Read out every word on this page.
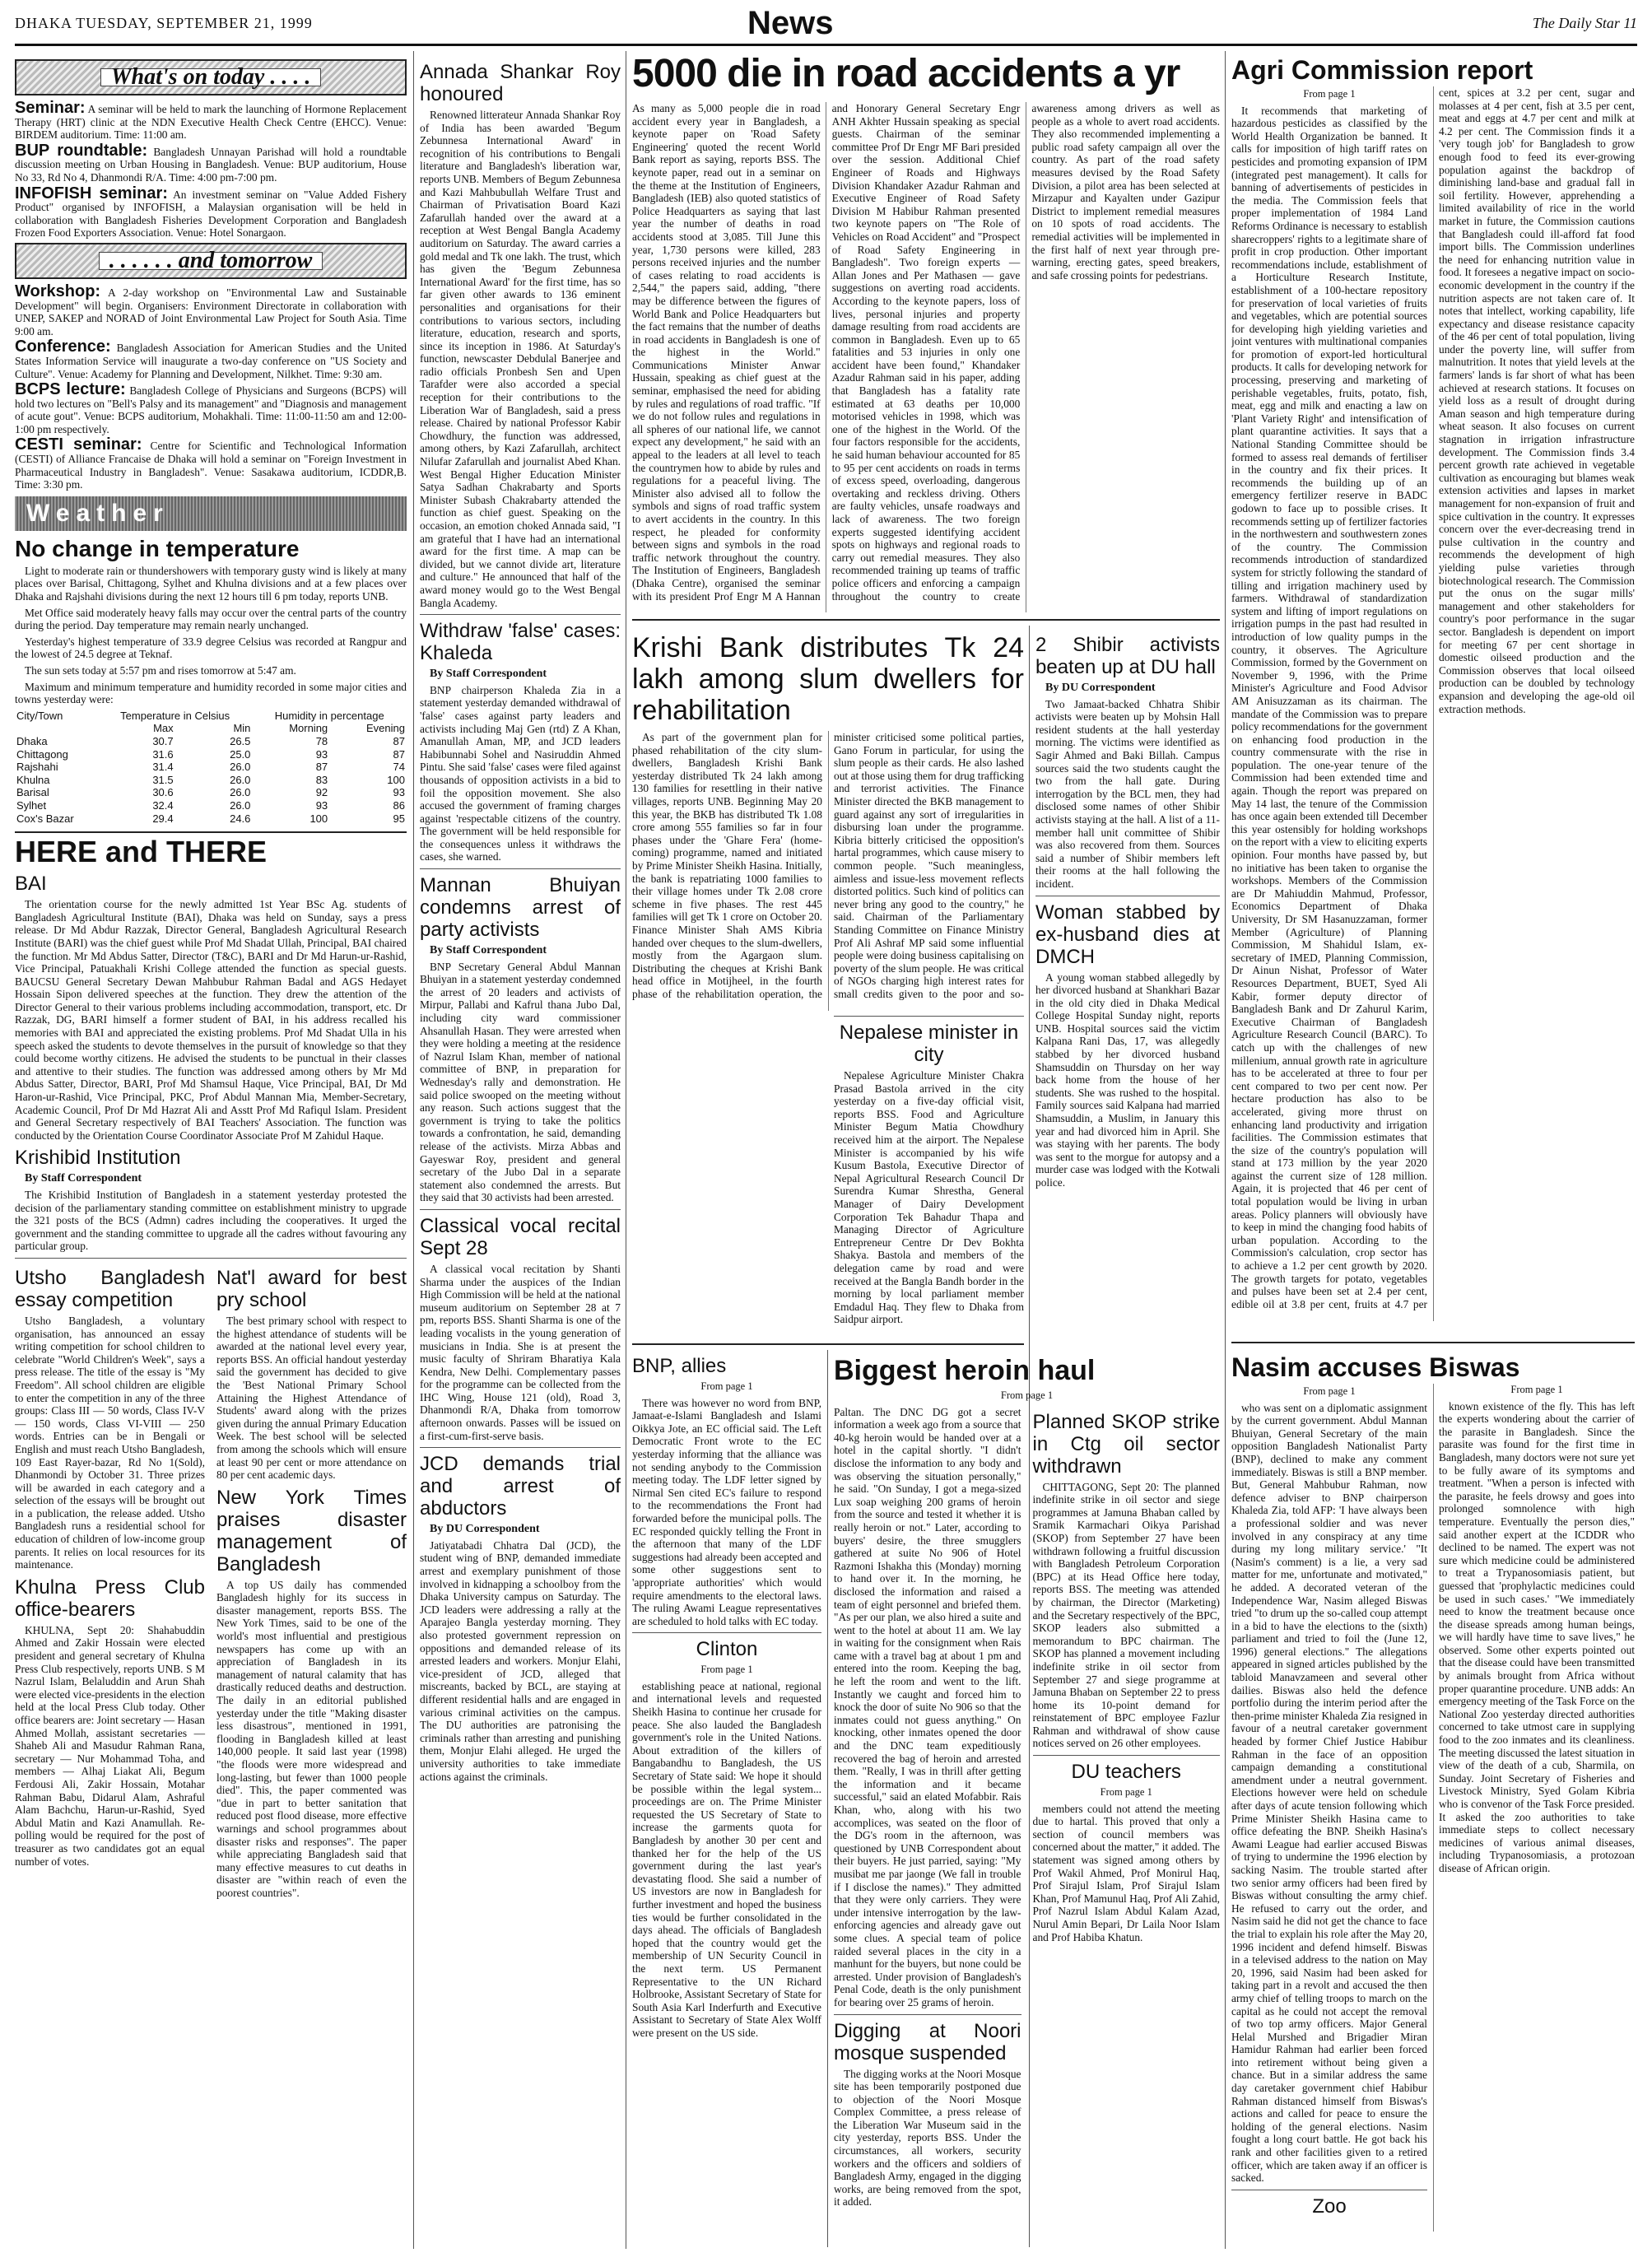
DHAKA TUESDAY, SEPTEMBER 21, 1999	News	The Daily Star 11
What's on today . . . .

Seminar: A seminar will be held to mark the launching of Hormone Replacement Therapy (HRT) clinic at the NDN Executive Health Check Centre (EHCC). Venue: BIRDEM auditorium. Time: 11:00 am.

BUP roundtable: Bangladesh Unnayan Parishad will hold a roundtable discussion meeting on Urban Housing in Bangladesh. Venue: BUP auditorium, House No 33, Rd No 4, Dhanmondi R/A. Time: 4:00 pm-7:00 pm.

INFOFISH seminar: An investment seminar on "Value Added Fishery Product" organised by INFOFISH, a Malaysian organisation will be held in collaboration with Bangladesh Fisheries Development Corporation and Bangladesh Frozen Food Exporters Association. Venue: Hotel Sonargaon.

. . . . . . and tomorrow

Workshop: A 2-day workshop on "Environmental Law and Sustainable Development" will begin. Organisers: Environment Directorate in collaboration with UNEP, SAKEP and NORAD of Joint Environmental Law Project for South Asia. Time 9:00 am.

Conference: Bangladesh Association for American Studies and the United States Information Service will inaugurate a two-day conference on "US Society and Culture". Venue: Academy for Planning and Development, Nilkhet. Time: 9:30 am.

BCPS lecture: Bangladesh College of Physicians and Surgeons (BCPS) will hold two lectures on "Bell's Palsy and its management" and "Diagnosis and management of acute gout". Venue: BCPS auditorium, Mohakhali. Time: 11:00-11:50 am and 12:00-1:00 pm respectively.

CESTI seminar: Centre for Scientific and Technological Information (CESTI) of Alliance Francaise de Dhaka will hold a seminar on "Foreign Investment in Pharmaceutical Industry in Bangladesh". Venue: Sasakawa auditorium, ICDDR,B. Time: 3:30 pm.

Weather
No change in temperature

Light to moderate rain or thundershowers with temporary gusty wind is likely at many places over Barisal, Chittagong, Sylhet and Khulna divisions and at a few places over Dhaka and Rajshahi divisions during the next 12 hours till 6 pm today, reports UNB.

Met Office said moderately heavy falls may occur over the central parts of the country during the period. Day temperature may remain nearly unchanged.

Yesterday's highest temperature of 33.9 degree Celsius was recorded at Rangpur and the lowest of 24.5 degree at Teknaf.

The sun sets today at 5:57 pm and rises tomorrow at 5:47 am.

Maximum and minimum temperature and humidity recorded in some major cities and towns yesterday were:

City/Town	Temperature in Celsius		Humidity in percentage	
	Max	Min	Morning	Evening
Dhaka	30.7	26.5	78	87
Chittagong	31.6	25.0	93	87
Rajshahi	31.4	26.0	87	74
Khulna	31.5	26.0	83	100
Barisal	30.6	26.0	92	93
Sylhet	32.4	26.0	93	86
Cox's Bazar	29.4	24.6	100	95
HERE and THERE
BAI

The orientation course for the newly admitted 1st Year BSc Ag. students of Bangladesh Agricultural Institute (BAI), Dhaka was held on Sunday, says a press release. Dr Md Abdur Razzak, Director General, Bangladesh Agricultural Research Institute (BARI) was the chief guest while Prof Md Shadat Ullah, Principal, BAI chaired the function. Mr Md Abdus Satter, Director (T&C), BARI and Dr Md Harun-ur-Rashid, Vice Principal, Patuakhali Krishi College attended the function as special guests. BAUCSU General Secretary Dewan Mahbubur Rahman Badal and AGS Hedayet Hossain Sipon delivered speeches at the function. They drew the attention of the Director General to their various problems including accommodation, transport, etc. Dr Razzak, DG, BARI himself a former student of BAI, in his address recalled his memories with BAI and appreciated the existing problems. Prof Md Shadat Ulla in his speech asked the students to devote themselves in the pursuit of knowledge so that they could become worthy citizens. He advised the students to be punctual in their classes and attentive to their studies. The function was addressed among others by Mr Md Abdus Satter, Director, BARI, Prof Md Shamsul Haque, Vice Principal, BAI, Dr Md Haron-ur-Rashid, Vice Principal, PKC, Prof Abdul Mannan Mia, Member-Secretary, Academic Council, Prof Dr Md Hazrat Ali and Asstt Prof Md Rafiqul Islam. President and General Secretary respectively of BAI Teachers' Association. The function was conducted by the Orientation Course Coordinator Associate Prof M Zahidul Haque.

Krishibid Institution
By Staff Correspondent

The Krishibid Institution of Bangladesh in a statement yesterday protested the decision of the parliamentary standing committee on establishment ministry to upgrade the 321 posts of the BCS (Admn) cadres including the cooperatives. It urged the government and the standing committee to upgrade all the cadres without favouring any particular group.

Utsho Bangladesh essay competition

Utsho Bangladesh, a voluntary organisation, has announced an essay writing competition for school children to celebrate "World Children's Week", says a press release. The title of the essay is "My Freedom". All school children are eligible to enter the competition in any of the three groups: Class III — 50 words, Class IV-V — 150 words, Class VI-VIII — 250 words. Entries can be in Bengali or English and must reach Utsho Bangladesh, 109 East Rayer-bazar, Rd No 1(Sold), Dhanmondi by October 31. Three prizes will be awarded in each category and a selection of the essays will be brought out in a publication, the release added. Utsho Bangladesh runs a residential school for education of children of low-income group parents. It relies on local resources for its maintenance.

Khulna Press Club office-bearers

KHULNA, Sept 20: Shahabuddin Ahmed and Zakir Hossain were elected president and general secretary of Khulna Press Club respectively, reports UNB. S M Nazrul Islam, Belaluddin and Arun Shah were elected vice-presidents in the election held at the local Press Club today. Other office bearers are: Joint secretary — Hasan Ahmed Mollah, assistant secretaries — Shaheb Ali and Masudur Rahman Rana, secretary — Nur Mohammad Toha, and members — Alhaj Liakat Ali, Begum Ferdousi Ali, Zakir Hossain, Motahar Rahman Babu, Didarul Alam, Ashraful Alam Bachchu, Harun-ur-Rashid, Syed Abdul Matin and Kazi Anamullah. Re-polling would be required for the post of treasurer as two candidates got an equal number of votes.

Nat'l award for best pry school

The best primary school with respect to the highest attendance of students will be awarded at the national level every year, reports BSS. An official handout yesterday said the government has decided to give the 'Best National Primary School Attaining the Highest Attendance of Students' award along with the prizes given during the annual Primary Education Week. The best school will be selected from among the schools which will ensure at least 90 per cent or more attendance on 80 per cent academic days.

New York Times praises disaster management of Bangladesh

A top US daily has commended Bangladesh highly for its success in disaster management, reports BSS. The New York Times, said to be one of the world's most influential and prestigious newspapers has come up with an appreciation of Bangladesh in its management of natural calamity that has drastically reduced deaths and destruction. The daily in an editorial published yesterday under the title "Making disaster less disastrous", mentioned in 1991, flooding in Bangladesh killed at least 140,000 people. It said last year (1998) "the floods were more widespread and long-lasting, but fewer than 1000 people died". This, the paper commented was "due in part to better sanitation that reduced post flood disease, more effective warnings and school programmes about disaster risks and responses". The paper while appreciating Bangladesh said that many effective measures to cut deaths in disaster are "within reach of even the poorest countries".

Annada Shankar Roy honoured

Renowned litterateur Annada Shankar Roy of India has been awarded 'Begum Zebunnesa International Award' in recognition of his contributions to Bengali literature and Bangladesh's liberation war, reports UNB. Members of Begum Zebunnesa and Kazi Mahbubullah Welfare Trust and Chairman of Privatisation Board Kazi Zafarullah handed over the award at a reception at West Bengal Bangla Academy auditorium on Saturday. The award carries a gold medal and Tk one lakh. The trust, which has given the 'Begum Zebunnesa International Award' for the first time, has so far given other awards to 136 eminent personalities and organisations for their contributions to various sectors, including literature, education, research and sports, since its inception in 1986. At Saturday's function, newscaster Debdulal Banerjee and radio officials Pronbesh Sen and Upen Tarafder were also accorded a special reception for their contributions to the Liberation War of Bangladesh, said a press release. Chaired by national Professor Kabir Chowdhury, the function was addressed, among others, by Kazi Zafarullah, architect Nilufar Zafarullah and journalist Abed Khan. West Bengal Higher Education Minister Satya Sadhan Chakrabarty and Sports Minister Subash Chakrabarty attended the function as chief guest. Speaking on the occasion, an emotion choked Annada said, "I am grateful that I have had an international award for the first time. A map can be divided, but we cannot divide art, literature and culture." He announced that half of the award money would go to the West Bengal Bangla Academy.

Withdraw 'false' cases: Khaleda
By Staff Correspondent

BNP chairperson Khaleda Zia in a statement yesterday demanded withdrawal of 'false' cases against party leaders and activists including Maj Gen (rtd) Z A Khan, Amanullah Aman, MP, and JCD leaders Habibunnabi Sohel and Nasiruddin Ahmed Pintu. She said 'false' cases were filed against thousands of opposition activists in a bid to foil the opposition movement. She also accused the government of framing charges against 'respectable citizens of the country. The government will be held responsible for the consequences unless it withdraws the cases, she warned.

Mannan Bhuiyan condemns arrest of party activists
By Staff Correspondent

BNP Secretary General Abdul Mannan Bhuiyan in a statement yesterday condemned the arrest of 20 leaders and activists of Mirpur, Pallabi and Kafrul thana Jubo Dal, including city ward commissioner Ahsanullah Hasan. They were arrested when they were holding a meeting at the residence of Nazrul Islam Khan, member of national committee of BNP, in preparation for Wednesday's rally and demonstration. He said police swooped on the meeting without any reason. Such actions suggest that the government is trying to take the politics towards a confrontation, he said, demanding release of the activists. Mirza Abbas and Gayeswar Roy, president and general secretary of the Jubo Dal in a separate statement also condemned the arrests. But they said that 30 activists had been arrested.

Classical vocal recital Sept 28

A classical vocal recitation by Shanti Sharma under the auspices of the Indian High Commission will be held at the national museum auditorium on September 28 at 7 pm, reports BSS. Shanti Sharma is one of the leading vocalists in the young generation of musicians in India. She is at present the music faculty of Shriram Bharatiya Kala Kendra, New Delhi. Complementary passes for the programme can be collected from the IHC Wing, House 121 (old), Road 3, Dhanmondi R/A, Dhaka from tomorrow afternoon onwards. Passes will be issued on a first-cum-first-serve basis.

JCD demands trial and arrest of abductors
By DU Correspondent

Jatiyatabadi Chhatra Dal (JCD), the student wing of BNP, demanded immediate arrest and exemplary punishment of those involved in kidnapping a schoolboy from the Dhaka University campus on Saturday. The JCD leaders were addressing a rally at the Aparajeo Bangla yesterday morning. They also protested government repression on oppositions and demanded release of its arrested leaders and workers. Monjur Elahi, vice-president of JCD, alleged that miscreants, backed by BCL, are staying at different residential halls and are engaged in various criminal activities on the campus. The DU authorities are patronising the criminals rather than arresting and punishing them, Monjur Elahi alleged. He urged the university authorities to take immediate actions against the criminals.

5000 die in road accidents a yr

As many as 5,000 people die in road accident every year in Bangladesh, a keynote paper on 'Road Safety Engineering' quoted the recent World Bank report as saying, reports BSS. The keynote paper, read out in a seminar on the theme at the Institution of Engineers, Bangladesh (IEB) also quoted statistics of Police Headquarters as saying that last year the number of deaths in road accidents stood at 3,085. Till June this year, 1,730 persons were killed, 283 persons received injuries and the number of cases relating to road accidents is 2,544," the papers said, adding, "there may be difference between the figures of World Bank and Police Headquarters but the fact remains that the number of deaths in road accidents in Bangladesh is one of the highest in the World." Communications Minister Anwar Hussain, speaking as chief guest at the seminar, emphasised the need for abiding by rules and regulations of road traffic. "If we do not follow rules and regulations in all spheres of our national life, we cannot expect any development," he said with an appeal to the leaders at all level to teach the countrymen how to abide by rules and regulations for a peaceful living. The Minister also advised all to follow the symbols and signs of road traffic system to avert accidents in the country. In this respect, he pleaded for conformity between signs and symbols in the road traffic network throughout the country. The Institution of Engineers, Bangladesh (Dhaka Centre), organised the seminar with its president Prof Engr M A Hannan and Honorary General Secretary Engr ANH Akhter Hussain speaking as special guests. Chairman of the seminar committee Prof Dr Engr MF Bari presided over the session. Additional Chief Engineer of Roads and Highways Division Khandaker Azadur Rahman and Executive Engineer of Road Safety Division M Habibur Rahman presented two keynote papers on "The Role of Vehicles on Road Accident" and "Prospect of Road Safety Engineering in Bangladesh". Two foreign experts — Allan Jones and Per Mathasen — gave suggestions on averting road accidents. According to the keynote papers, loss of lives, personal injuries and property damage resulting from road accidents are common in Bangladesh. Even up to 65 fatalities and 53 injuries in only one accident have been found," Khandaker Azadur Rahman said in his paper, adding that Bangladesh has a fatality rate estimated at 63 deaths per 10,000 motorised vehicles in 1998, which was one of the highest in the World. Of the four factors responsible for the accidents, he said human behaviour accounted for 85 to 95 per cent accidents on roads in terms of excess speed, overloading, dangerous overtaking and reckless driving. Others are faulty vehicles, unsafe roadways and lack of awareness. The two foreign experts suggested identifying accident spots on highways and regional roads to carry out remedial measures. They also recommended training up teams of traffic police officers and enforcing a campaign throughout the country to create awareness among drivers as well as people as a whole to avert road accidents. They also recommended implementing a public road safety campaign all over the country. As part of the road safety measures devised by the Road Safety Division, a pilot area has been selected at Mirzapur and Kayalten under Gazipur District to implement remedial measures on 10 spots of road accidents. The remedial activities will be implemented in the first half of next year through pre-warning, erecting gates, speed breakers, and safe crossing points for pedestrians.

Krishi Bank distributes Tk 24 lakh among slum dwellers for rehabilitation

As part of the government plan for phased rehabilitation of the city slum-dwellers, Bangladesh Krishi Bank yesterday distributed Tk 24 lakh among 130 families for resettling in their native villages, reports UNB. Beginning May 20 this year, the BKB has distributed Tk 1.08 crore among 555 families so far in four phases under the 'Ghare Fera' (home-coming) programme, named and initiated by Prime Minister Sheikh Hasina. Initially, the bank is repatriating 1000 families to their village homes under Tk 2.08 crore scheme in five phases. The rest 445 families will get Tk 1 crore on October 20. Finance Minister Shah AMS Kibria handed over cheques to the slum-dwellers, mostly from the Agargaon slum. Distributing the cheques at Krishi Bank head office in Motijheel, in the fourth phase of the rehabilitation operation, the minister criticised some political parties, Gano Forum in particular, for using the slum people as their cards. He also lashed out at those using them for drug trafficking and terrorist activities. The Finance Minister directed the BKB management to guard against any sort of irregularities in disbursing loan under the programme. Kibria bitterly criticised the opposition's hartal programmes, which cause misery to common people. "Such meaningless, aimless and issue-less movement reflects distorted politics. Such kind of politics can never bring any good to the country," he said. Chairman of the Parliamentary Standing Committee on Finance Ministry Prof Ali Ashraf MP said some influential people were doing business capitalising on poverty of the slum people. He was critical of NGOs charging high interest rates for small credits given to the poor and so-

Nepalese minister in city

Nepalese Agriculture Minister Chakra Prasad Bastola arrived in the city yesterday on a five-day official visit, reports BSS. Food and Agriculture Minister Begum Matia Chowdhury received him at the airport. The Nepalese Minister is accompanied by his wife Kusum Bastola, Executive Director of Nepal Agricultural Research Council Dr Surendra Kumar Shrestha, General Manager of Dairy Development Corporation Tek Bahadur Thapa and Managing Director of Agriculture Entrepreneur Centre Dr Dev Bokhta Shakya. Bastola and members of the delegation came by road and were received at the Bangla Bandh border in the morning by local parliament member Emdadul Haq. They flew to Dhaka from Saidpur airport.

2 Shibir activists beaten up at DU hall
By DU Correspondent

Two Jamaat-backed Chhatra Shibir activists were beaten up by Mohsin Hall resident students at the hall yesterday morning. The victims were identified as Sagir Ahmed and Baki Billah. Campus sources said the two students caught the two from the hall gate. During interrogation by the BCL men, they had disclosed some names of other Shibir activists staying at the hall. A list of a 11-member hall unit committee of Shibir was also recovered from them. Sources said a number of Shibir members left their rooms at the hall following the incident.

Woman stabbed by ex-husband dies at DMCH

A young woman stabbed allegedly by her divorced husband at Shankhari Bazar in the old city died in Dhaka Medical College Hospital Sunday night, reports UNB. Hospital sources said the victim Kalpana Rani Das, 17, was allegedly stabbed by her divorced husband Shamsuddin on Thursday on her way back home from the house of her students. She was rushed to the hospital. Family sources said Kalpana had married Shamsuddin, a Muslim, in January this year and had divorced him in April. She was staying with her parents. The body was sent to the morgue for autopsy and a murder case was lodged with the Kotwali police.

BNP, allies
From page 1

There was however no word from BNP, Jamaat-e-Islami Bangladesh and Islami Oikkya Jote, an EC official said. The Left Democratic Front wrote to the EC yesterday informing that the alliance was not sending anybody to the Commission meeting today. The LDF letter signed by Nirmal Sen cited EC's failure to respond to the recommendations the Front had forwarded before the municipal polls. The EC responded quickly telling the Front in the afternoon that many of the LDF suggestions had already been accepted and some other suggestions sent to 'appropriate authorities' which would require amendments to the electoral laws. The ruling Awami League representatives are scheduled to hold talks with EC today.

Clinton
From page 1

establishing peace at national, regional and international levels and requested Sheikh Hasina to continue her crusade for peace. She also lauded the Bangladesh government's role in the United Nations. About extradition of the killers of Bangabandhu to Bangladesh, the US Secretary of State said: We hope it should be possible within the legal system... proceedings are on. The Prime Minister requested the US Secretary of State to increase the garments quota for Bangladesh by another 30 per cent and thanked her for the help of the US government during the last year's devastating flood. She said a number of US investors are now in Bangladesh for further investment and hoped the business ties would be further consolidated in the days ahead. The officials of Bangladesh hoped that the country would get the membership of UN Security Council in the next term. US Permanent Representative to the UN Richard Holbrooke, Assistant Secretary of State for South Asia Karl Inderfurth and Executive Assistant to Secretary of State Alex Wolff were present on the US side.

Biggest heroin haul
From page 1

Paltan. The DNC DG got a secret information a week ago from a source that 40-kg heroin would be handed over at a hotel in the capital shortly. "I didn't disclose the information to any body and was observing the situation personally," he said. "On Sunday, I got a mega-sized Lux soap weighing 200 grams of heroin from the source and tested it whether it is really heroin or not." Later, according to buyers' desire, the three smugglers gathered at suite No 906 of Hotel Razmoni Ishakha this (Monday) morning to hand over it. In the morning, he disclosed the information and raised a team of eight personnel and briefed them. "As per our plan, we also hired a suite and went to the hotel at about 11 am. We lay in waiting for the consignment when Rais came with a travel bag at about 1 pm and entered into the room. Keeping the bag, he left the room and went to the lift. Instantly we caught and forced him to knock the door of suite No 906 so that the inmates could not guess anything." On knocking, other inmates opened the door and the DNC team expeditiously recovered the bag of heroin and arrested them. "Really, I was in thrill after getting the information and it became successful," said an elated Mofabbir. Rais Khan, who, along with his two accomplices, was seated on the floor of the DG's room in the afternoon, was questioned by UNB Correspondent about their buyers. He just parried, saying: "My musibat me par jaonge (We fall in trouble if I disclose the names)." They admitted that they were only carriers. They were under intensive interrogation by the law-enforcing agencies and already gave out some clues. A special team of police raided several places in the city in a manhunt for the buyers, but none could be arrested. Under provision of Bangladesh's Penal Code, death is the only punishment for bearing over 25 grams of heroin.

Digging at Noori mosque suspended

The digging works at the Noori Mosque site has been temporarily postponed due to objection of the Noori Mosque Complex Committee, a press release of the Liberation War Museum said in the city yesterday, reports BSS. Under the circumstances, all workers, security workers and the officers and soldiers of Bangladesh Army, engaged in the digging works, are being removed from the spot, it added.

Planned SKOP strike in Ctg oil sector withdrawn

CHITTAGONG, Sept 20: The planned indefinite strike in oil sector and siege programmes at Jamuna Bhaban called by Sramik Karmachari Oikya Parishad (SKOP) from September 27 have been withdrawn following a fruitful discussion with Bangladesh Petroleum Corporation (BPC) at its Head Office here today, reports BSS. The meeting was attended by chairman, the Director (Marketing) and the Secretary respectively of the BPC, SKOP leaders also submitted a memorandum to BPC chairman. The SKOP has planned a movement including indefinite strike in oil sector from September 27 and siege programme at Jamuna Bhaban on September 22 to press home its 10-point demand for reinstatement of BPC employee Fazlur Rahman and withdrawal of show cause notices served on 26 other employees.

DU teachers
From page 1

members could not attend the meeting due to hartal. This proved that only a section of council members was concerned about the matter," it added. The statement was signed among others by Prof Wakil Ahmed, Prof Monirul Haq, Prof Sirajul Islam, Prof Sirajul Islam Khan, Prof Mamunul Haq, Prof Ali Zahid, Prof Nazrul Islam Abdul Kalam Azad, Nurul Amin Bepari, Dr Laila Noor Islam and Prof Habiba Khatun.

Agri Commission report
From page 1

It recommends that marketing of hazardous pesticides as classified by the World Health Organization be banned. It calls for imposition of high tariff rates on pesticides and promoting expansion of IPM (integrated pest management). It calls for banning of advertisements of pesticides in the media. The Commission feels that proper implementation of 1984 Land Reforms Ordinance is necessary to establish sharecroppers' rights to a legitimate share of profit in crop production. Other important recommendations include, establishment of a Horticulture Research Institute, establishment of a 100-hectare repository for preservation of local varieties of fruits and vegetables, which are potential sources for developing high yielding varieties and joint ventures with multinational companies for promotion of export-led horticultural products. It calls for developing network for processing, preserving and marketing of perishable vegetables, fruits, potato, fish, meat, egg and milk and enacting a law on 'Plant Variety Right' and intensification of plant quarantine activities. It says that a National Standing Committee should be formed to assess real demands of fertiliser in the country and fix their prices. It recommends the building up of an emergency fertilizer reserve in BADC godown to face up to possible crises. It recommends setting up of fertilizer factories in the northwestern and southwestern zones of the country. The Commission recommends introduction of standardized system for strictly following the standard of tilling and irrigation machinery used by farmers. Withdrawal of standardization system and lifting of import regulations on irrigation pumps in the past had resulted in introduction of low quality pumps in the country, it observes. The Agriculture Commission, formed by the Government on November 9, 1996, with the Prime Minister's Agriculture and Food Advisor AM Anisuzzaman as its chairman. The mandate of the Commission was to prepare policy recommendations for the government on enhancing food production in the country commensurate with the rise in population. The one-year tenure of the Commission had been extended time and again. Though the report was prepared on May 14 last, the tenure of the Commission has once again been extended till December this year ostensibly for holding workshops on the report with a view to eliciting experts opinion. Four months have passed by, but no initiative has been taken to organise the workshops. Members of the Commission are Dr Mahiuddin Mahmud, Professor, Economics Department of Dhaka University, Dr SM Hasanuzzaman, former Member (Agriculture) of Planning Commission, M Shahidul Islam, ex-secretary of IMED, Planning Commission, Dr Ainun Nishat, Professor of Water Resources Department, BUET, Syed Ali Kabir, former deputy director of Bangladesh Bank and Dr Zahurul Karim, Executive Chairman of Bangladesh Agriculture Research Council (BARC). To catch up with the challenges of new millenium, annual growth rate in agriculture has to be accelerated at three to four per cent compared to two per cent now. Per hectare production has also to be accelerated, giving more thrust on enhancing land productivity and irrigation facilities. The Commission estimates that the size of the country's population will stand at 173 million by the year 2020 against the current size of 128 million. Again, it is projected that 46 per cent of total population would be living in urban areas. Policy planners will obviously have to keep in mind the changing food habits of urban population. According to the Commission's calculation, crop sector has to achieve a 1.2 per cent growth by 2020. The growth targets for potato, vegetables and pulses have been set at 2.4 per cent, edible oil at 3.8 per cent, fruits at 4.7 per cent, spices at 3.2 per cent, sugar and molasses at 4 per cent, fish at 3.5 per cent, meat and eggs at 4.7 per cent and milk at 4.2 per cent. The Commission finds it a 'very tough job' for Bangladesh to grow enough food to feed its ever-growing population against the backdrop of diminishing land-base and gradual fall in soil fertility. However, apprehending a limited availability of rice in the world market in future, the Commission cautions that Bangladesh could ill-afford fat food import bills. The Commission underlines the need for enhancing nutrition value in food. It foresees a negative impact on socio-economic development in the country if the nutrition aspects are not taken care of. It notes that intellect, working capability, life expectancy and disease resistance capacity of the 46 per cent of total population, living under the poverty line, will suffer from malnutrition. It notes that yield levels at the farmers' lands is far short of what has been achieved at research stations. It focuses on yield loss as a result of drought during Aman season and high temperature during wheat season. It also focuses on current stagnation in irrigation infrastructure development. The Commission finds 3.4 percent growth rate achieved in vegetable cultivation as encouraging but blames weak extension activities and lapses in market management for non-expansion of fruit and spice cultivation in the country. It expresses concern over the ever-decreasing trend in pulse cultivation in the country and recommends the development of high yielding pulse varieties through biotechnological research. The Commission put the onus on the sugar mills' management and other stakeholders for country's poor performance in the sugar sector. Bangladesh is dependent on import for meeting 67 per cent shortage in domestic oilseed production and the Commission observes that local oilseed production can be doubled by technology expansion and developing the age-old oil extraction methods.

Nasim accuses Biswas
From page 1

who was sent on a diplomatic assignment by the current government. Abdul Mannan Bhuiyan, General Secretary of the main opposition Bangladesh Nationalist Party (BNP), declined to make any comment immediately. Biswas is still a BNP member. But, General Mahbubur Rahman, now defence adviser to BNP chairperson Khaleda Zia, told AFP: 'I have always been a professional soldier and was never involved in any conspiracy at any time during my long military service.' "It (Nasim's comment) is a lie, a very sad matter for me, unfortunate and motivated," he added. A decorated veteran of the Independence War, Nasim alleged Biswas tried "to drum up the so-called coup attempt in a bid to have the elections to the (sixth) parliament and tried to foil the (June 12, 1996) general elections." The allegations appeared in signed articles published by the tabloid Manavzameen and several other dailies. Biswas also held the defence portfolio during the interim period after the then-prime minister Khaleda Zia resigned in favour of a neutral caretaker government headed by former Chief Justice Habibur Rahman in the face of an opposition campaign demanding a constitutional amendment under a neutral government. Elections however were held on schedule after days of acute tension following which Prime Minister Sheikh Hasina came to office defeating the BNP. Sheikh Hasina's Awami League had earlier accused Biswas of trying to undermine the 1996 election by sacking Nasim. The trouble started after two senior army officers had been fired by Biswas without consulting the army chief. He refused to carry out the order, and Nasim said he did not get the chance to face the trial to explain his role after the May 20, 1996 incident and defend himself. Biswas in a televised address to the nation on May 20, 1996, said Nasim had been asked for taking part in a revolt and accused the then army chief of telling troops to march on the capital as he could not accept the removal of two top army officers. Major General Helal Murshed and Brigadier Miran Hamidur Rahman had earlier been forced into retirement without being given a chance. But in a similar address the same day caretaker government chief Habibur Rahman distanced himself from Biswas's actions and called for peace to ensure the holding of the general elections. Nasim fought a long court battle. He got back his rank and other facilities given to a retired officer, which are taken away if an officer is sacked.

Zoo
From page 1

known existence of the fly. This has left the experts wondering about the carrier of the parasite in Bangladesh. Since the parasite was found for the first time in Bangladesh, many doctors were not sure yet to be fully aware of its symptoms and treatment. "When a person is infected with the parasite, he feels drowsy and goes into prolonged somnolence with high temperature. Eventually the person dies," said another expert at the ICDDR who declined to be named. The expert was not sure which medicine could be administered to treat a Trypanosomiasis patient, but guessed that 'prophylactic medicines could be used in such cases.' "We immediately need to know the treatment because once the disease spreads among human beings, we will hardly have time to save lives," he observed. Some other experts pointed out that the disease could have been transmitted by animals brought from Africa without proper quarantine procedure. UNB adds: An emergency meeting of the Task Force on the National Zoo yesterday directed authorities concerned to take utmost care in supplying food to the zoo inmates and its cleanliness. The meeting discussed the latest situation in view of the death of a cub, Sharmila, on Sunday. Joint Secretary of Fisheries and Livestock Ministry, Syed Golam Kibria who is convenor of the Task Force presided. It asked the zoo authorities to take immediate steps to collect necessary medicines of various animal diseases, including Trypanosomiasis, a protozoan disease of African origin.
